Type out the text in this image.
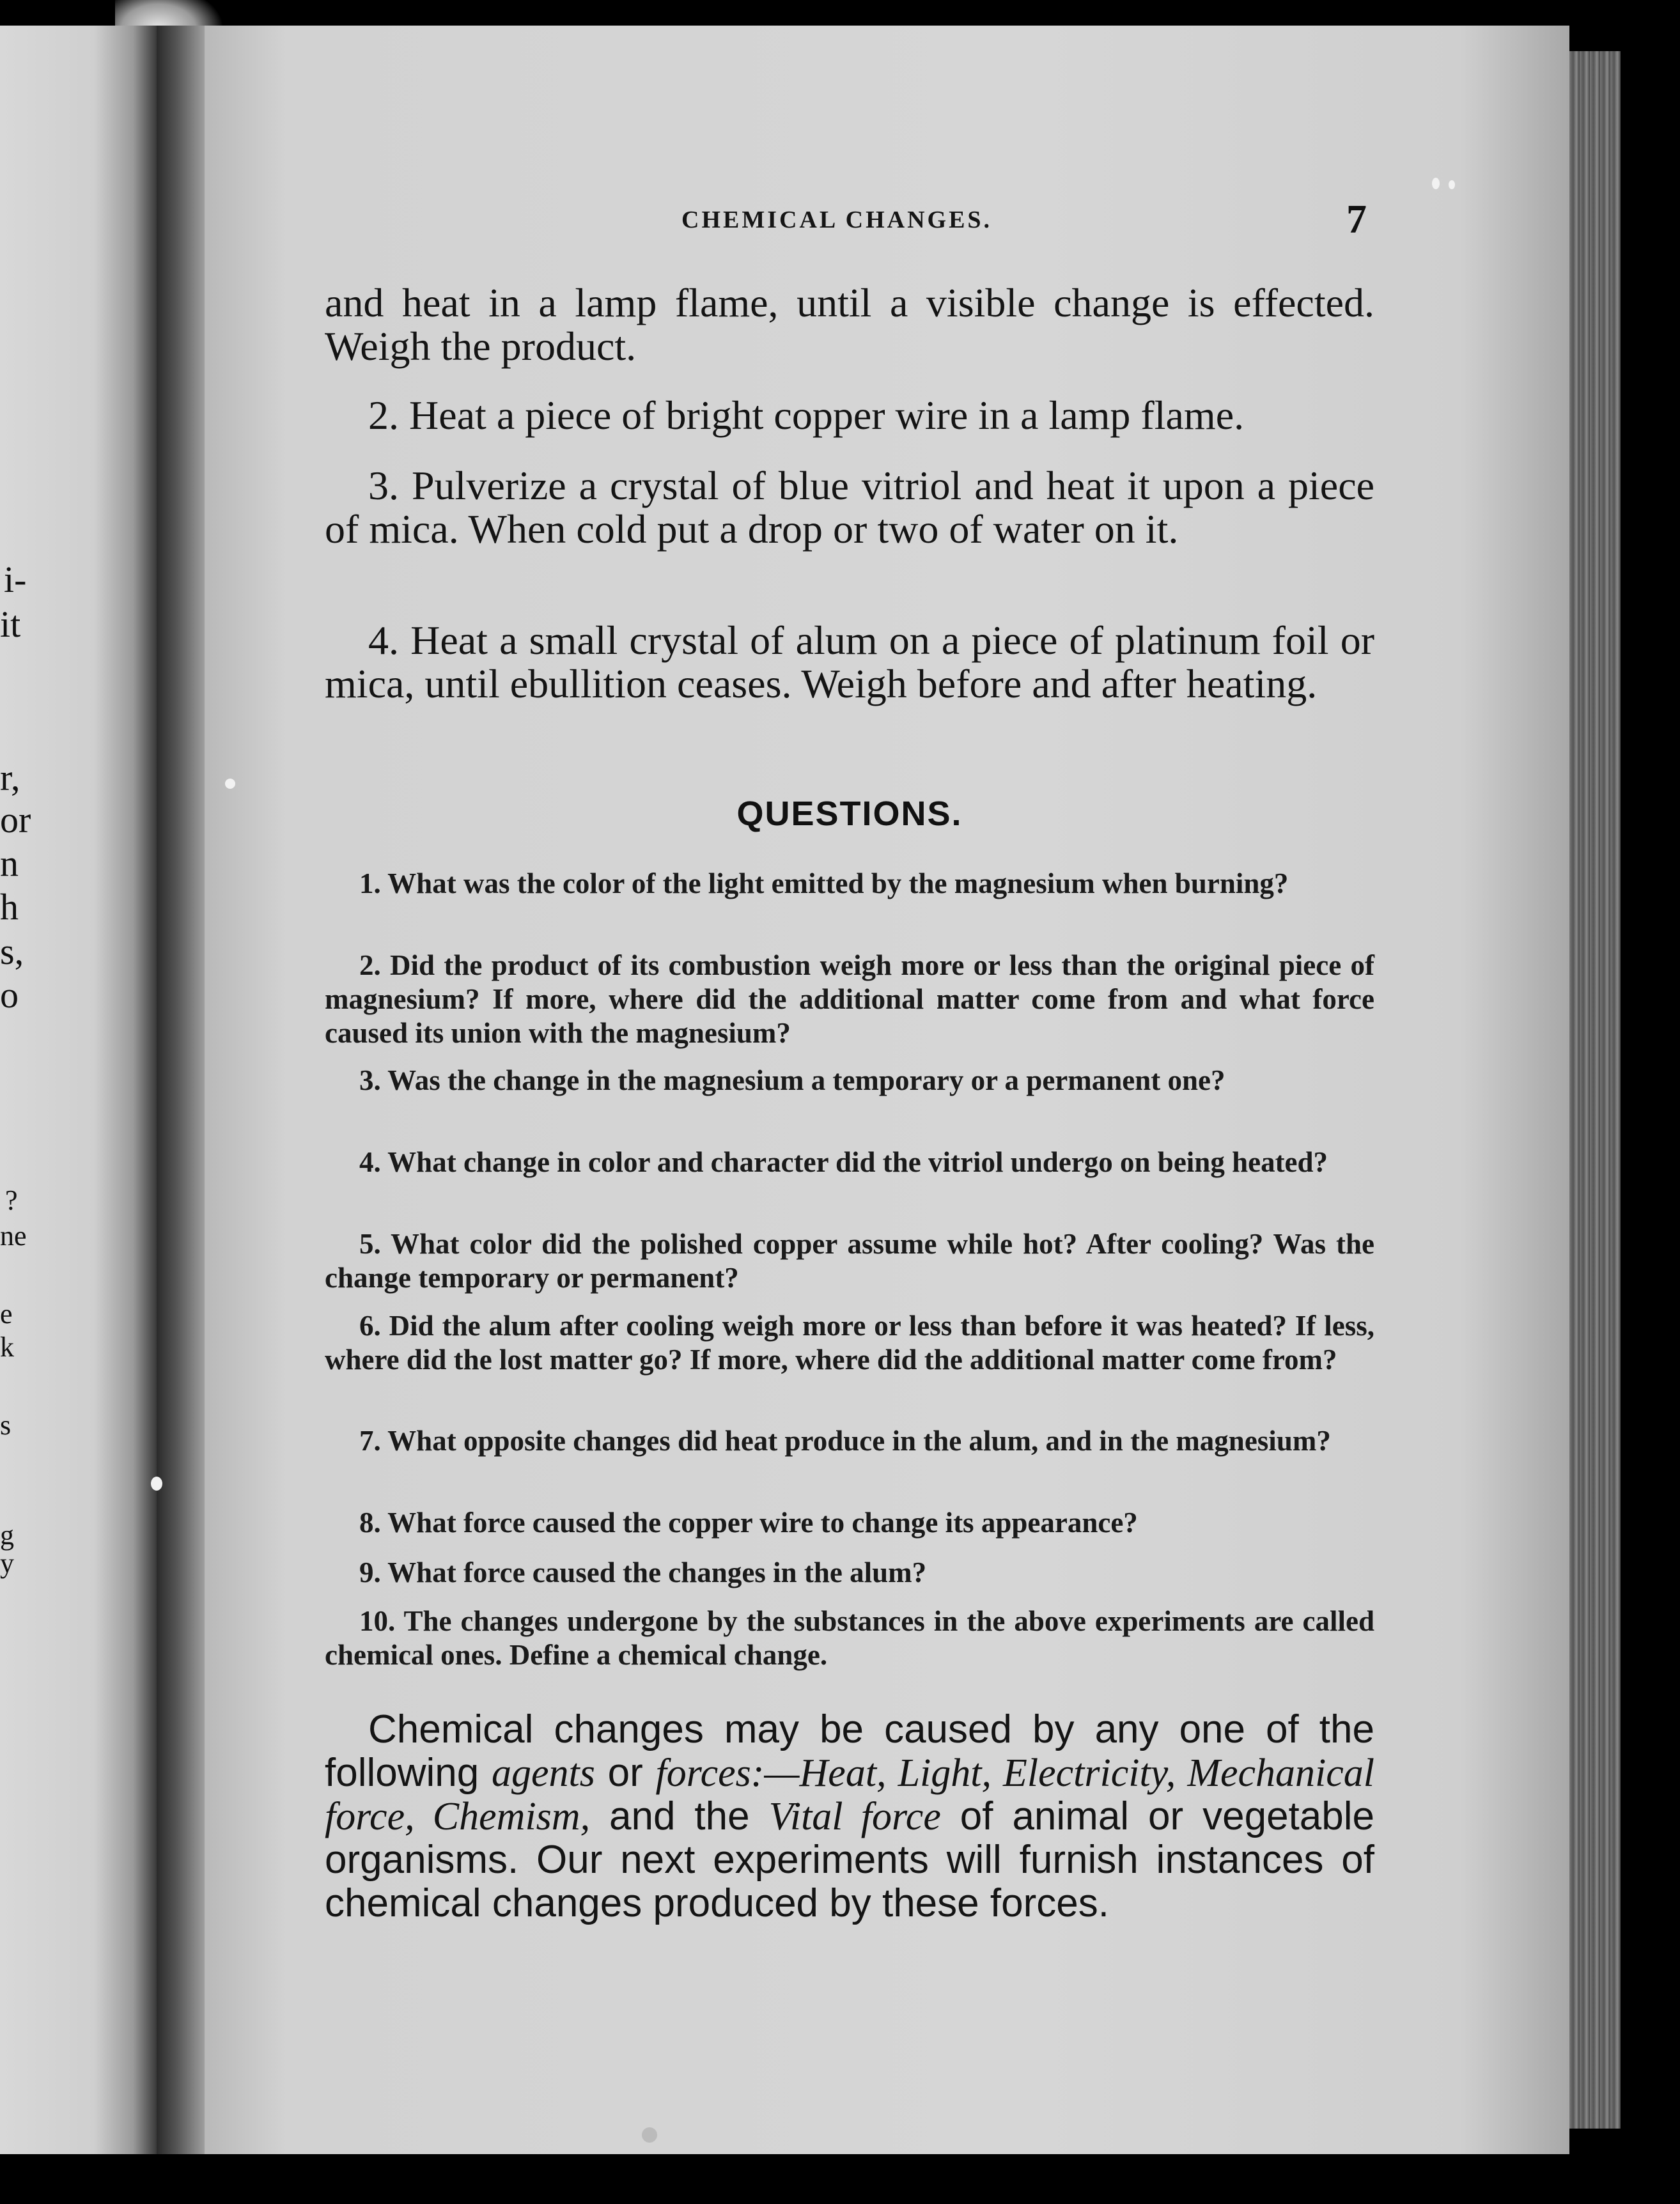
i-
it
r,
or
n
h
s,
o
?
ne
e
k
s
g
y
CHEMICAL CHANGES.	7

and heat in a lamp flame, until a visible change is effected. Weigh the product.

2. Heat a piece of bright copper wire in a lamp flame.

3. Pulverize a crystal of blue vitriol and heat it upon a piece of mica. When cold put a drop or two of water on it.

4. Heat a small crystal of alum on a piece of platinum foil or mica, until ebullition ceases. Weigh before and after heating.

QUESTIONS.
1. What was the color of the light emitted by the magnesium when burning?
2. Did the product of its combustion weigh more or less than the original piece of magnesium? If more, where did the additional matter come from and what force caused its union with the magnesium?
3. Was the change in the magnesium a temporary or a permanent one?
4. What change in color and character did the vitriol undergo on being heated?
5. What color did the polished copper assume while hot? After cooling? Was the change temporary or permanent?
6. Did the alum after cooling weigh more or less than before it was heated? If less, where did the lost matter go? If more, where did the additional matter come from?
7. What opposite changes did heat produce in the alum, and in the magnesium?
8. What force caused the copper wire to change its appearance?
9. What force caused the changes in the alum?
10. The changes undergone by the substances in the above experiments are called chemical ones. Define a chemical change.
Chemical changes may be caused by any one of the following agents or forces:—Heat, Light, Electricity, Mechanical force, Chemism, and the Vital force of animal or vegetable organisms. Our next experiments will furnish instances of chemical changes produced by these forces.
